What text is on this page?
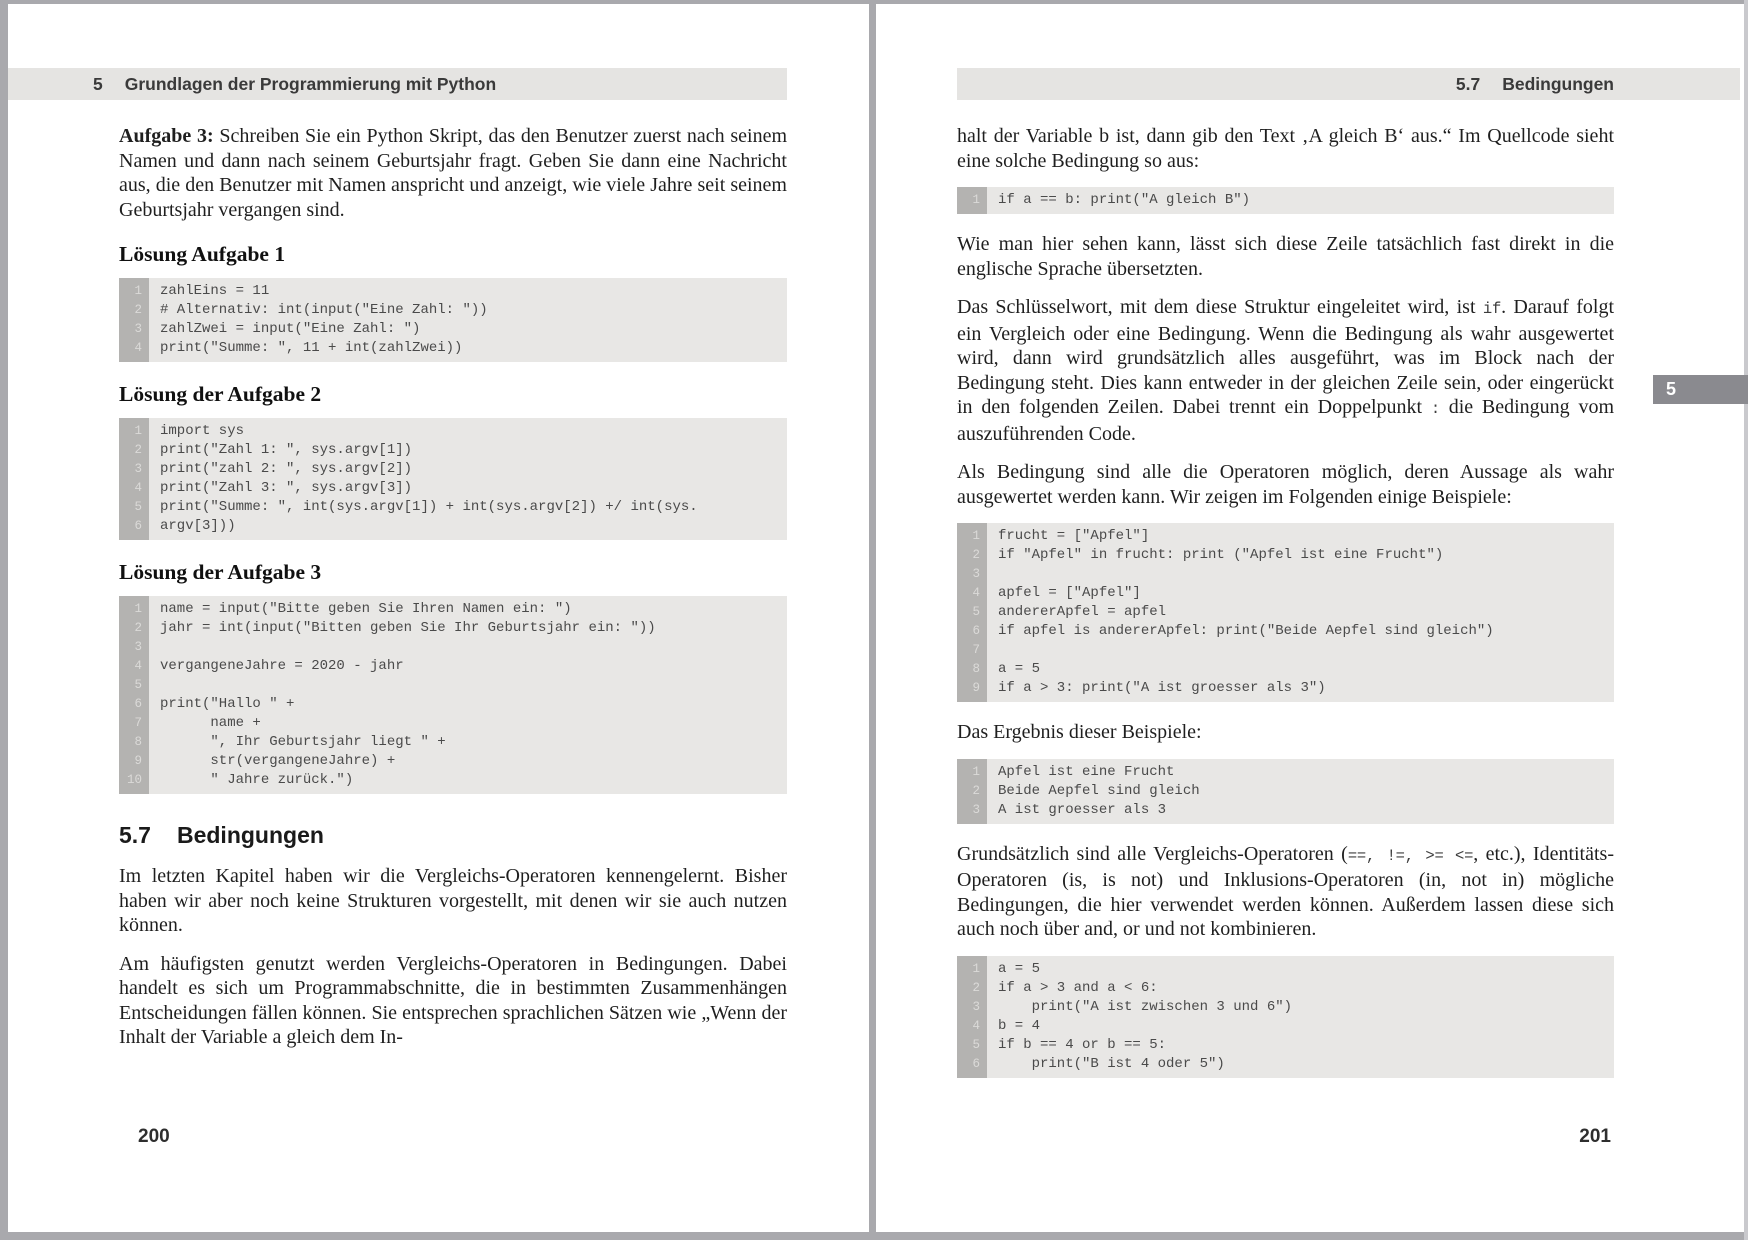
5 Grundlagen der Programmierung mit Python

Aufgabe 3: Schreiben Sie ein Python Skript, das den Benutzer zuerst nach seinem Namen und dann nach seinem Geburtsjahr fragt. Geben Sie dann eine Nachricht aus, die den Benutzer mit Namen anspricht und anzeigt, wie viele Jahre seit seinem Geburtsjahr vergangen sind.

Lösung Aufgabe 1
1
2
3
4
zahlEins = 11
# Alternativ: int(input("Eine Zahl: "))
zahlZwei = input("Eine Zahl: ")
print("Summe: ", 11 + int(zahlZwei))
Lösung der Aufgabe 2
1
2
3
4
5
6
import sys
print("Zahl 1: ", sys.argv[1])
print("zahl 2: ", sys.argv[2])
print("Zahl 3: ", sys.argv[3])
print("Summe: ", int(sys.argv[1]) + int(sys.argv[2]) +/ int(sys.
argv[3]))
Lösung der Aufgabe 3
1
2
3
4
5
6
7
8
9
10
name = input("Bitte geben Sie Ihren Namen ein: ")
jahr = int(input("Bitten geben Sie Ihr Geburtsjahr ein: "))

vergangeneJahre = 2020 - jahr

print("Hallo " +
name +
", Ihr Geburtsjahr liegt " +
str(vergangeneJahre) +
" Jahre zurück.")
5.7 Bedingungen

Im letzten Kapitel haben wir die Vergleichs-Operatoren kennengelernt. Bisher haben wir aber noch keine Strukturen vorgestellt, mit denen wir sie auch nutzen können.

Am häufigsten genutzt werden Vergleichs-Operatoren in Bedingungen. Dabei handelt es sich um Programmabschnitte, die in bestimmten Zusammenhängen Entscheidungen fällen können. Sie entsprechen sprachlichen Sätzen wie „Wenn der Inhalt der Variable a gleich dem In-

200
5.7 Bedingungen

halt der Variable b ist, dann gib den Text ‚A gleich B‘ aus.“ Im Quellcode sieht eine solche Bedingung so aus:

1	if a == b: print("A gleich B")

Wie man hier sehen kann, lässt sich diese Zeile tatsächlich fast direkt in die englische Sprache übersetzten.

Das Schlüsselwort, mit dem diese Struktur eingeleitet wird, ist if. Darauf folgt ein Vergleich oder eine Bedingung. Wenn die Bedingung als wahr ausgewertet wird, dann wird grundsätzlich alles ausgeführt, was im Block nach der Bedingung steht. Dies kann entweder in der gleichen Zeile sein, oder eingerückt in den folgenden Zeilen. Dabei trennt ein Doppelpunkt : die Bedingung vom auszuführenden Code.

Als Bedingung sind alle die Operatoren möglich, deren Aussage als wahr ausgewertet werden kann. Wir zeigen im Folgenden einige Beispiele:

1
2
3
4
5
6
7
8
9
frucht = ["Apfel"]
if "Apfel" in frucht: print ("Apfel ist eine Frucht")

apfel = ["Apfel"]
andererApfel = apfel
if apfel is andererApfel: print("Beide Aepfel sind gleich")

a = 5
if a > 3: print("A ist groesser als 3")

Das Ergebnis dieser Beispiele:

1
2
3
Apfel ist eine Frucht
Beide Aepfel sind gleich
A ist groesser als 3

Grundsätzlich sind alle Vergleichs-Operatoren (==, !=, >= <=, etc.), Identitäts-Operatoren (is, is not) und Inklusions-Operatoren (in, not in) mögliche Bedingungen, die hier verwendet werden können. Außerdem lassen diese sich auch noch über and, or und not kombinieren.

1
2
3
4
5
6
a = 5
if a > 3 and a < 6:
print("A ist zwischen 3 und 6")
b = 4
if b == 4 or b == 5:
print("B ist 4 oder 5")
201
5
